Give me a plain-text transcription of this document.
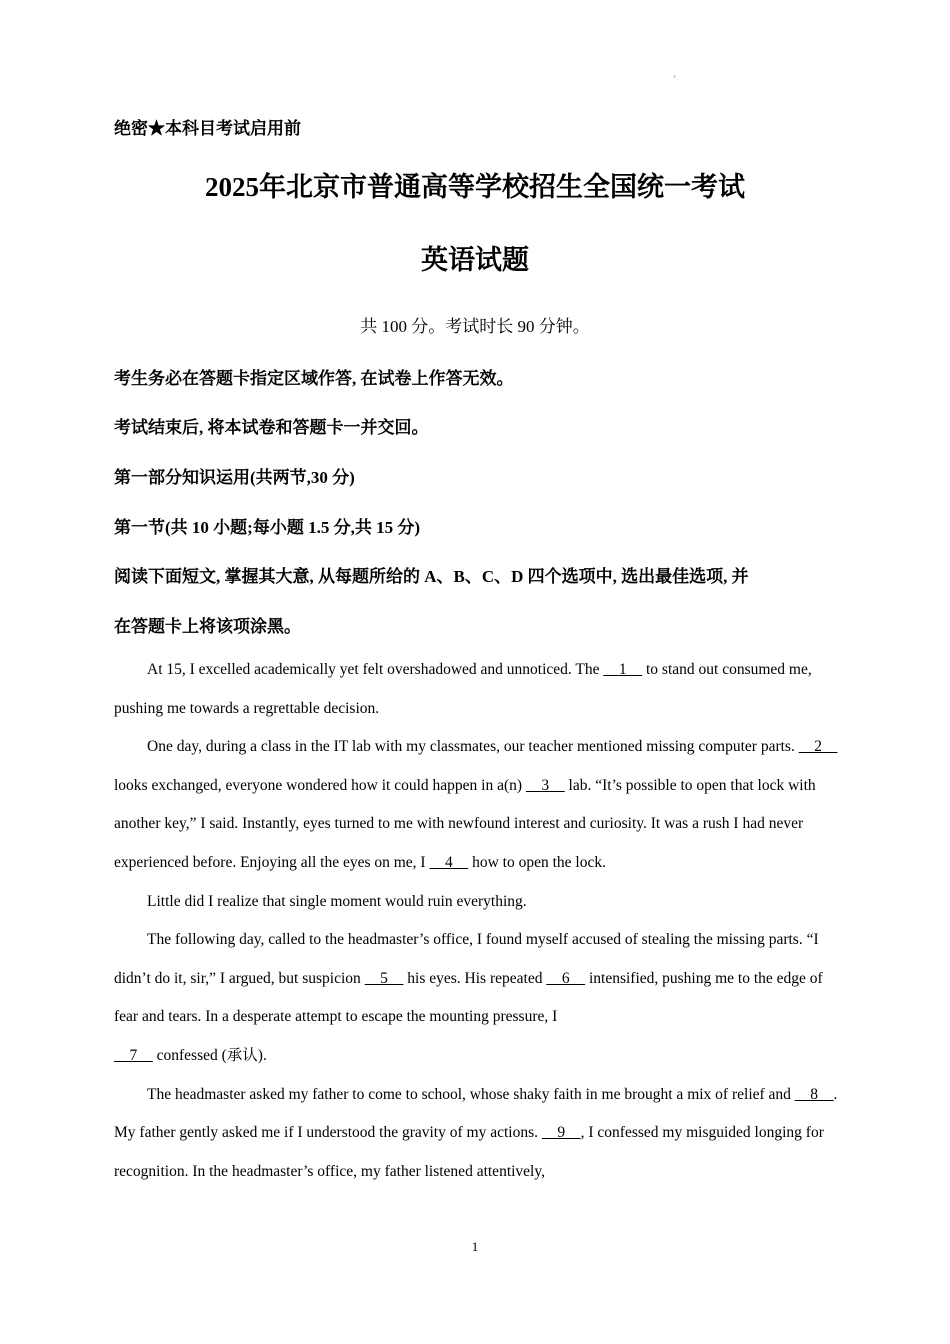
'
绝密★本科目考试启用前
2025年北京市普通高等学校招生全国统一考试
英语试题
共 100 分。考试时长 90 分钟。
考生务必在答题卡指定区域作答, 在试卷上作答无效。
考试结束后, 将本试卷和答题卡一并交回。
第一部分知识运用(共两节,30 分)
第一节(共 10 小题;每小题 1.5 分,共 15 分)
阅读下面短文, 掌握其大意, 从每题所给的 A、B、C、D 四个选项中, 选出最佳选项, 并
在答题卡上将该项涂黑。

At 15, I excelled academically yet felt overshadowed and unnoticed. The     1     to stand out consumed me, pushing me towards a regrettable decision.

One day, during a class in the IT lab with my classmates, our teacher mentioned missing computer parts.     2     looks exchanged, everyone wondered how it could happen in a(n)     3     lab. “It’s possible to open that lock with another key,” I said. Instantly, eyes turned to me with newfound interest and curiosity. It was a rush I had never experienced before. Enjoying all the eyes on me, I     4     how to open the lock.

Little did I realize that single moment would ruin everything.

The following day, called to the headmaster’s office, I found myself accused of stealing the missing parts. “I didn’t do it, sir,” I argued, but suspicion     5     his eyes. His repeated     6     intensified, pushing me to the edge of fear and tears. In a desperate attempt to escape the mounting pressure, I
7     confessed (承认).

The headmaster asked my father to come to school, whose shaky faith in me brought a mix of relief and     8 . My father gently asked me if I understood the gravity of my actions.     9 , I confessed my misguided longing for recognition. In the headmaster’s office, my father listened attentively,

1
